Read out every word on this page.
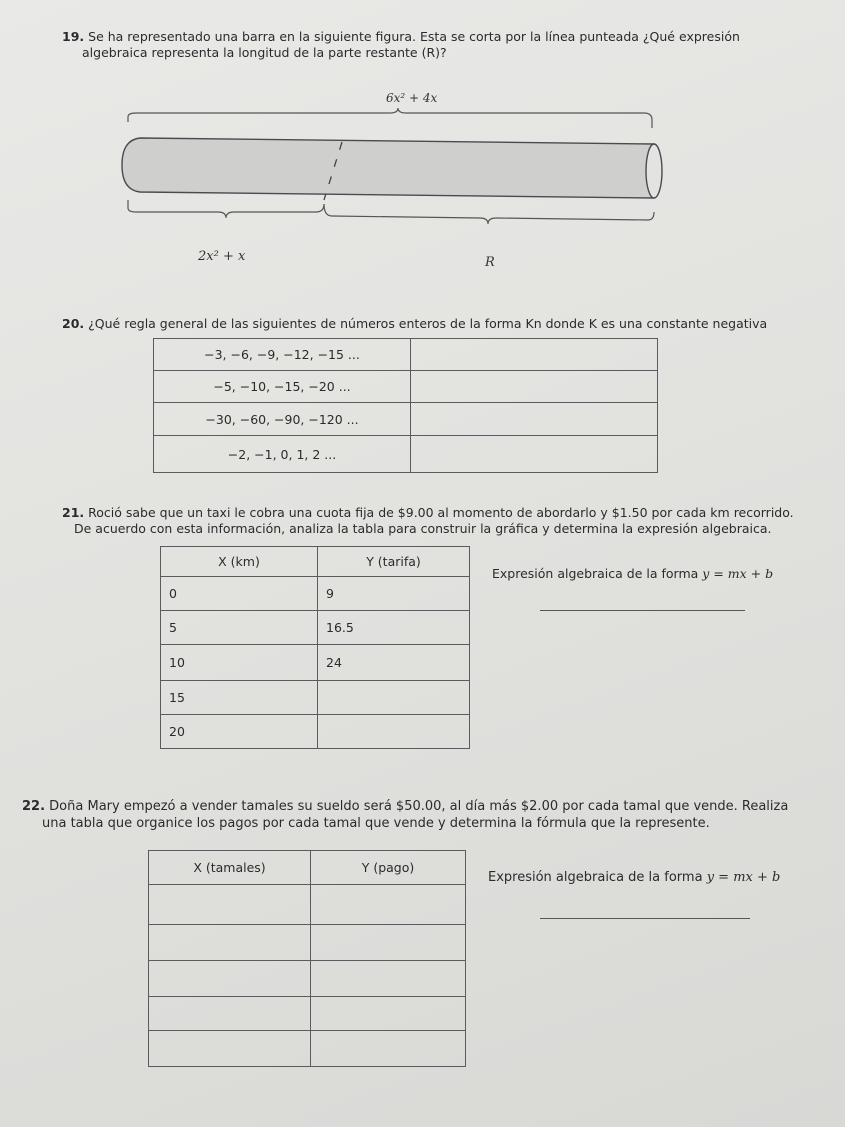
19. Se ha representado una barra en la siguiente figura. Esta se corta por la línea punteada ¿Qué expresión
algebraica representa la longitud de la parte restante (R)?
6x² + 4x
2x² + x	R
20. ¿Qué regla general de las siguientes de números enteros de la forma Kn donde K es una constante negativa
−3, −6, −9, −12, −15 ...	
−5, −10, −15, −20 ...	
−30, −60, −90, −120 ...	
−2, −1, 0, 1, 2 ...	
21. Roció sabe que un taxi le cobra una cuota fija de $9.00 al momento de abordarlo y $1.50 por cada km recorrido.
De acuerdo con esta información, analiza la tabla para construir la gráfica y determina la expresión algebraica.
X (km)	Y (tarifa)
0	9
5	16.5
10	24
15	
20	
Expresión algebraica de la forma y = mx + b
22. Doña Mary empezó a vender tamales su sueldo será $50.00, al día más $2.00 por cada tamal que vende. Realiza
una tabla que organice los pagos por cada tamal que vende y determina la fórmula que la represente.
X (tamales)	Y (pago)

Expresión algebraica de la forma y = mx + b
